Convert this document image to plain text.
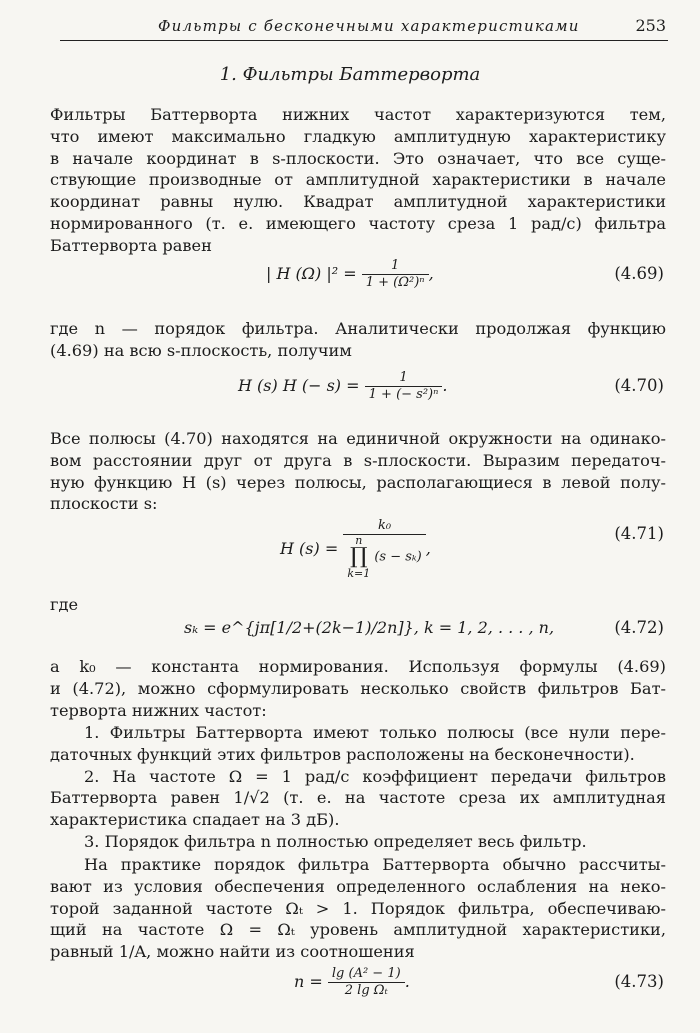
Фильтры с бесконечными характеристиками	253
1. Фильтры Баттерворта
Фильтры Баттерворта нижних частот характеризуются тем,
что имеют максимально гладкую амплитудную характеристику
в начале координат в s-плоскости. Это означает, что все суще-
ствующие производные от амплитудной характеристики в начале
координат равны нулю. Квадрат амплитудной характеристики
нормированного (т. е. имеющего частоту среза 1 рад/с) фильтра
Баттерворта равен
| H (Ω) $|^2 = \frac{1}{\text{1 + (Ω²)ⁿ}}$ ,	(4.69)
где n — порядок фильтра. Аналитически продолжая функцию
(4.69) на всю s-плоскость, получим
H (s) H (− $s) = \frac{1}{\text{1 + (− s²)ⁿ}}$ .	(4.70)
Все полюсы (4.70) находятся на единичной окружности на одинако-
вом расстоянии друг от друга в s-плоскости. Выразим передаточ-
ную функцию H (s) через полюсы, располагающиеся в левой полу-
плоскости s:
H (s) = k₀
n
∏
k=1
(s − sₖ) ,
(4.71)
где
sₖ = e^{jπ[1/2+(2k−1)/2n]}, k = 1, 2, . . . , n,	(4.72)
а k₀ — константа нормирования. Используя формулы (4.69)
и (4.72), можно сформулировать несколько свойств фильтров Бат-
терворта нижних частот:
1. Фильтры Баттерворта имеют только полюсы (все нули пере-
даточных функций этих фильтров расположены на бесконечности).
2. На частоте Ω = 1 рад/с коэффициент передачи фильтров
Баттерворта равен 1/√2 (т. е. на частоте среза их амплитудная
характеристика спадает на 3 дБ).
3. Порядок фильтра n полностью определяет весь фильтр.
На практике порядок фильтра Баттерворта обычно рассчиты-
вают из условия обеспечения определенного ослабления на неко-
торой заданной частоте Ωₜ > 1. Порядок фильтра, обеспечиваю-
щий на частоте Ω = Ωₜ уровень амплитудной характеристики,
равный 1/A, можно найти из соотношения
$n = \frac{\text{lg (A² − 1)}}{\text{2 lg Ωₜ}}$ .	(4.73)
